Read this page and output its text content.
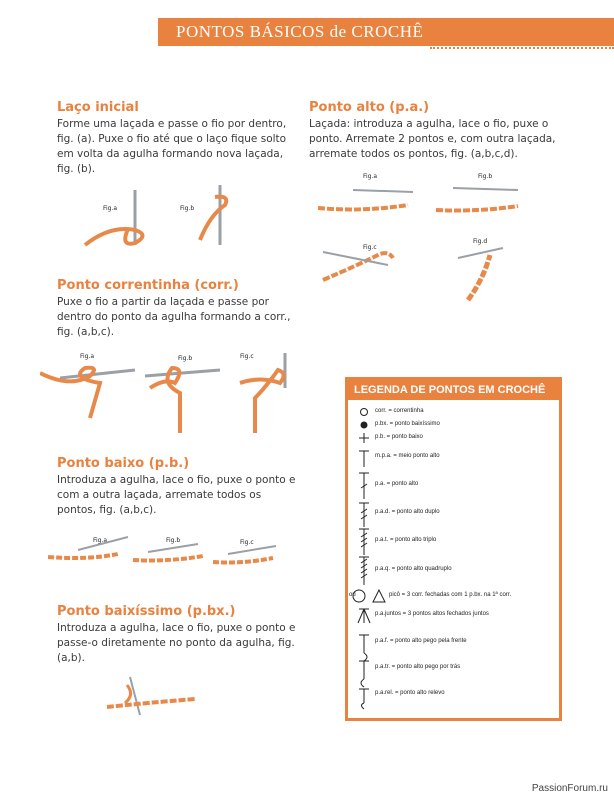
PONTOS BÁSICOS de CROCHÊ
Laço inicial
Forme uma laçada e passe o fio por dentro, fig. (a). Puxe o fio até que o laço fique solto em volta da agulha formando nova laçada, fig. (b).
Fig.a	Fig.b
Ponto correntinha (corr.)
Puxe o fio a partir da laçada e passe por dentro do ponto da agulha formando a corr., fig. (a,b,c).
Fig.a	Fig.b	Fig.c
Ponto baixo (p.b.)
Introduza a agulha, lace o fio, puxe o ponto e com a outra laçada, arremate todos os pontos, fig. (a,b,c).
Fig.a	Fig.b	Fig.c
Ponto baixíssimo (p.bx.)
Introduza a agulha, lace o fio, puxe o ponto e passe-o diretamente no ponto da agulha, fig. (a,b).
Ponto alto (p.a.)
Laçada: introduza a agulha, lace o fio, puxe o ponto. Arremate 2 pontos e, com outra laçada, arremate todos os pontos, fig. (a,b,c,d).
Fig.a	Fig.b
Fig.c
Fig.d
LEGENDA DE PONTOS EM CROCHÊ
corr. = correntinha
p.bx. = ponto baixíssimo
p.b. = ponto baixo
m.p.a. = meio ponto alto
p.a. = ponto alto
p.a.d. = ponto alto duplo
p.a.t. = ponto alto triplo
p.a.q. = ponto alto quadruplo
ou	picô = 3 corr. fechadas com 1 p.bx. na 1ª corr.
p.a.juntos = 3 pontos altos fechados juntos
p.a.f. = ponto alto pego pela frente
p.a.tr. = ponto alto pego por trás
p.a.rel. = ponto alto relevo
PassionForum.ru
